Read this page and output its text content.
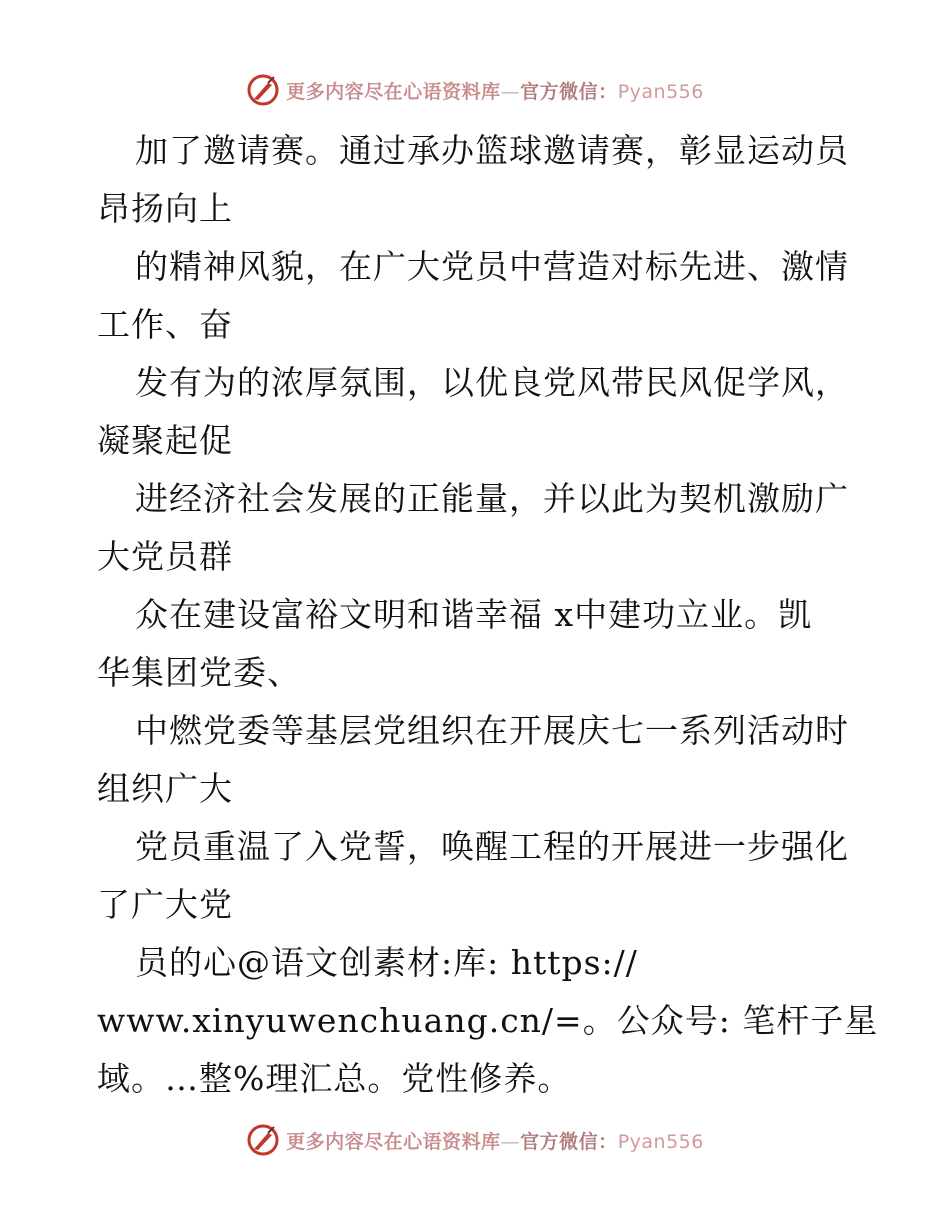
更多内容尽在心语资料库—官方微信：Pyan556
加了邀请赛。通过承办篮球邀请赛，彰显运动员
昂扬向上
的精神风貌，在广大党员中营造对标先进、激情
工作、奋
发有为的浓厚氛围，以优良党风带民风促学风，
凝聚起促
进经济社会发展的正能量，并以此为契机激励广
大党员群
众在建设富裕文明和谐幸福 x中建功立业。凯
华集团党委、
中燃党委等基层党组织在开展庆七一系列活动时
组织广大
党员重温了入党誓，唤醒工程的开展进一步强化
了广大党
员的心@语文创素材:库: https://
www.xinyuwenchuang.cn/=。公众号: 笔杆子星
域。…整%理汇总。党性修养。
更多内容尽在心语资料库—官方微信：Pyan556
